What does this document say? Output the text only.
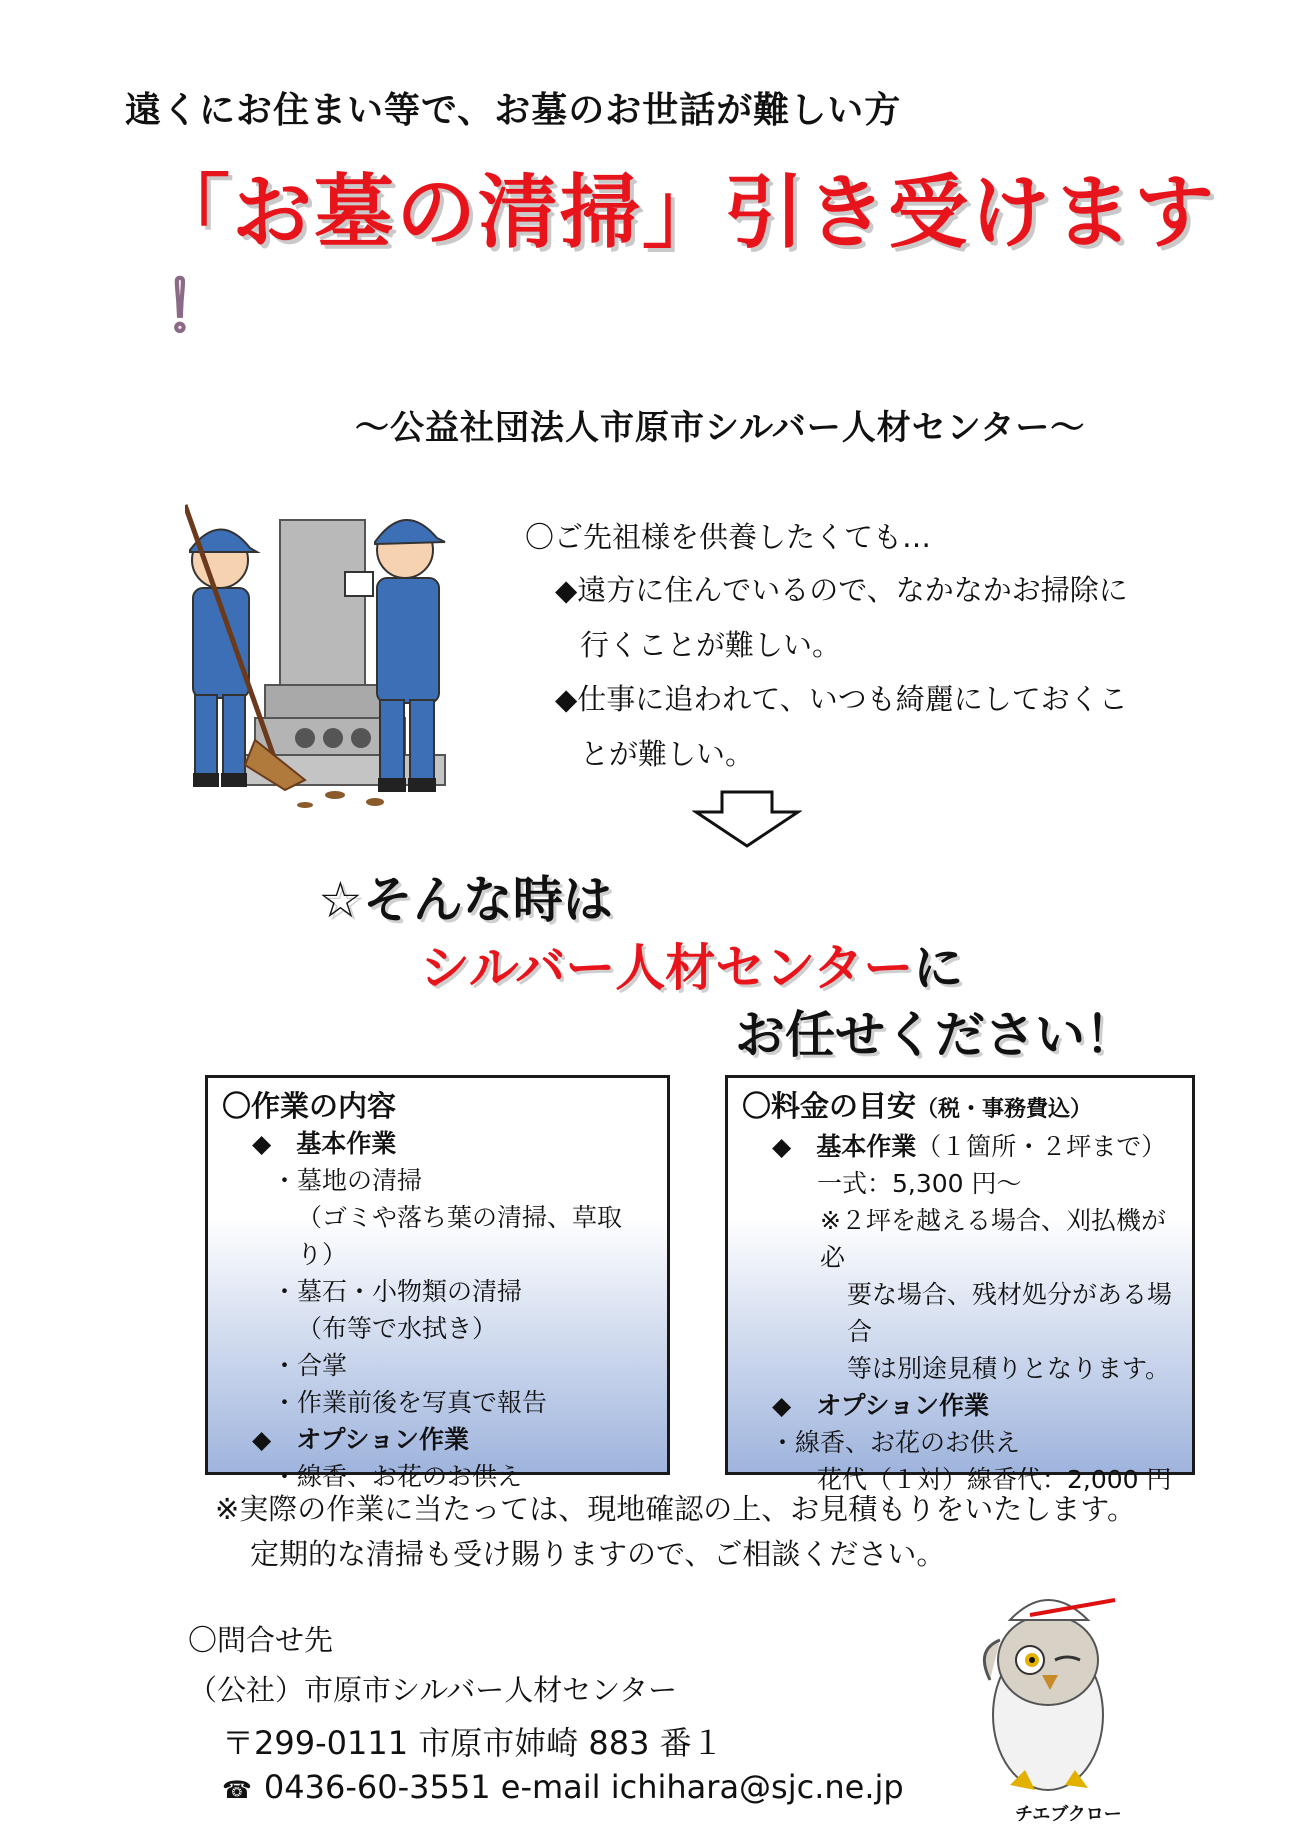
遠くにお住まい等で、お墓のお世話が難しい方
「お墓の清掃」引き受けます
！
～公益社団法人市原市シルバー人材センター～
〇ご先祖様を供養したくても…
◆遠方に住んでいるので、なかなかお掃除に
行くことが難しい。
◆仕事に追われて、いつも綺麗にしておくこ
とが難しい。
☆そんな時は
シルバー人材センターに
お任せください！
〇作業の内容
◆　基本作業
・墓地の清掃
（ゴミや落ち葉の清掃、草取り）
・墓石・小物類の清掃
（布等で水拭き）
・合掌
・作業前後を写真で報告
◆　オプション作業
・線香、お花のお供え
〇料金の目安（税・事務費込）
◆　基本作業（１箇所・２坪まで）
一式：5,300 円～
※２坪を越える場合、刈払機が必
要な場合、残材処分がある場合
等は別途見積りとなります。
◆　オプション作業
・線香、お花のお供え
花代（１対）線香代：2,000 円
※実際の作業に当たっては、現地確認の上、お見積もりをいたします。
定期的な清掃も受け賜りますので、ご相談ください。
〇問合せ先
（公社）市原市シルバー人材センター
〒299-0111 市原市姉崎 883 番１
☎ 0436-60-3551 e-mail ichihara@sjc.ne.jp
チエブクロー
